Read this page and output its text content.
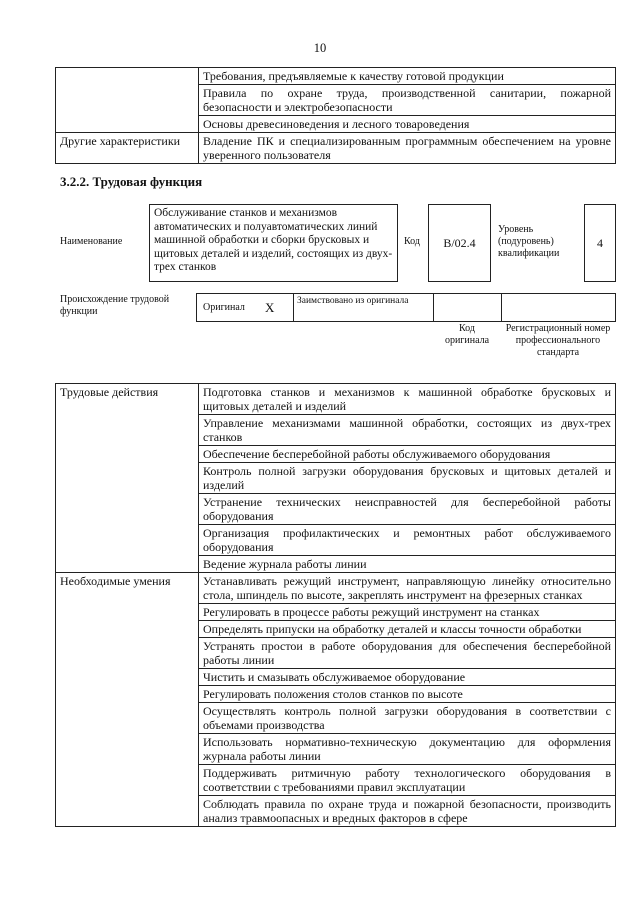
10
	Требования, предъявляемые к качеству готовой продукции
	Правила по охране труда, производственной санитарии, пожарной безопасности и электробезопасности
	Основы древесиноведения и лесного товароведения
Другие характеристики	Владение ПК и специализированным программным обеспечением на уровне уверенного пользователя
3.2.2. Трудовая функция
Наименование
Обслуживание станков и механизмов автоматических и полуавтоматических линий машинной обработки и сборки брусковых и щитовых деталей и изделий, состоящих из двух-трех станков
Код B/02.4
Уровень (подуровень) квалификации
4
Происхождение трудовой функции	Оригинал X Заимствовано из оригинала
Код оригинала
Регистрационный номер профессионального стандарта
Трудовые действия	Подготовка станков и механизмов к машинной обработке брусковых и щитовых деталей и изделий
	Управление механизмами машинной обработки, состоящих из двух-трех станков
	Обеспечение бесперебойной работы обслуживаемого оборудования
	Контроль полной загрузки оборудования брусковых и щитовых деталей и изделий
	Устранение технических неисправностей для бесперебойной работы оборудования
	Организация профилактических и ремонтных работ обслуживаемого оборудования
	Ведение журнала работы линии
Необходимые умения	Устанавливать режущий инструмент, направляющую линейку относительно стола, шпиндель по высоте, закреплять инструмент на фрезерных станках
	Регулировать в процессе работы режущий инструмент на станках
	Определять припуски на обработку деталей и классы точности обработки
	Устранять простои в работе оборудования для обеспечения бесперебойной работы линии
	Чистить и смазывать обслуживаемое оборудование
	Регулировать положения столов станков по высоте
	Осуществлять контроль полной загрузки оборудования в соответствии с объемами производства
	Использовать нормативно-техническую документацию для оформления журнала работы линии
	Поддерживать ритмичную работу технологического оборудования в соответствии с требованиями правил эксплуатации
	Соблюдать правила по охране труда и пожарной безопасности, производить анализ травмоопасных и вредных факторов в сфере
